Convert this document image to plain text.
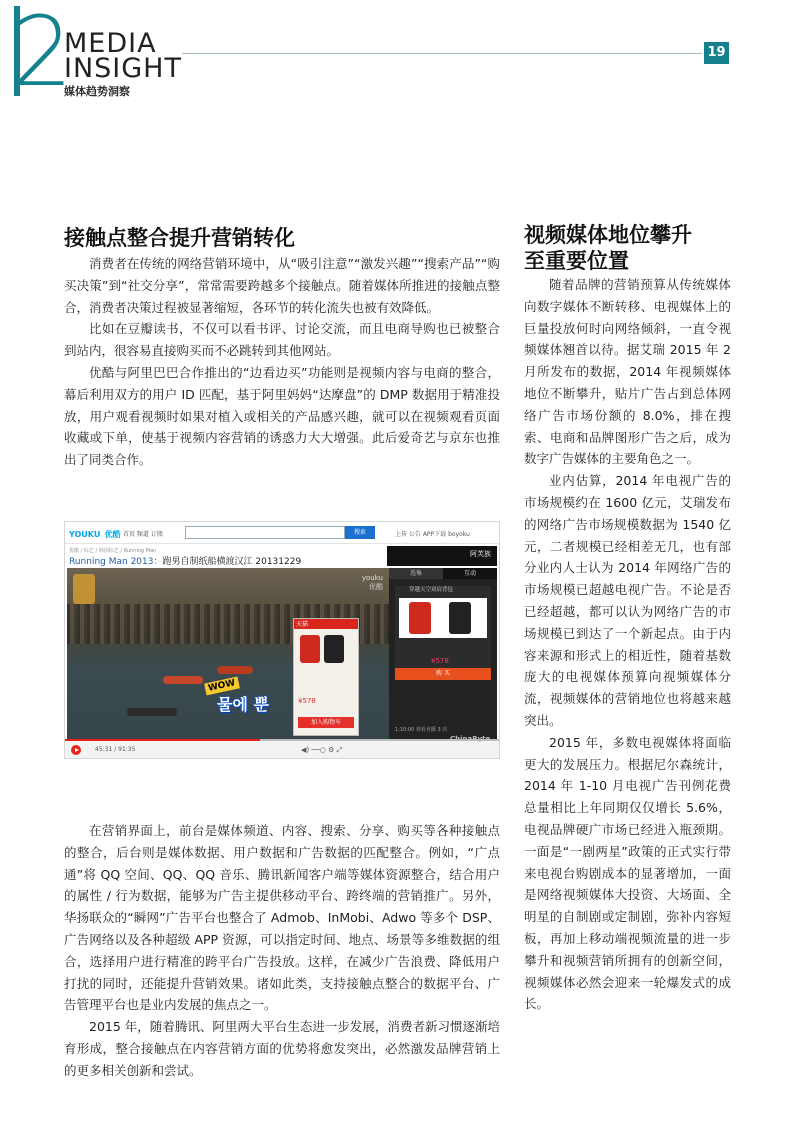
2
MEDIA
INSIGHT
媒体趋势洞察
19
接触点整合提升营销转化	视频媒体地位攀升
至重要位置

消费者在传统的网络营销环境中，从“吸引注意”“激发兴趣”“搜索产品”“购买决策”到“社交分享”，常常需要跨越多个接触点。随着媒体所推进的接触点整合，消费者决策过程被显著缩短，各环节的转化流失也被有效降低。

比如在豆瓣读书，不仅可以看书评、讨论交流，而且电商导购也已被整合到站内，很容易直接购买而不必跳转到其他网站。

优酷与阿里巴巴合作推出的“边看边买”功能则是视频内容与电商的整合，幕后利用双方的用户 ID 匹配，基于阿里妈妈“达摩盘”的 DMP 数据用于精准投放，用户观看视频时如果对植入或相关的产品感兴趣，就可以在视频观看页面收藏或下单，使基于视频内容营销的诱惑力大大增强。此后爱奇艺与京东也推出了同类合作。

YOUKU 优酷 首页 频道 订阅	搜索	上传 公告 APP下载 boyoku
优酷 / 综艺 / 韩国综艺 / Running Man
Running Man 2013：跑男自制纸船横渡汉江 20131229
阿芙族
youku
优酷
WOW
물에 뿐
天猫
¥578
加入购物车
选集	互动
穿越天空双肩背包
¥578
购 买
1:10:00 观看直播 3 次
45:31 / 91:35	◀) ──○ ⚙ ⤢
ChinaByte

在营销界面上，前台是媒体频道、内容、搜索、分享、购买等各种接触点的整合，后台则是媒体数据、用户数据和广告数据的匹配整合。例如，“广点通”将 QQ 空间、QQ、QQ 音乐、腾讯新闻客户端等媒体资源整合，结合用户的属性 / 行为数据，能够为广告主提供移动平台、跨终端的营销推广。另外，华扬联众的“瞬网”广告平台也整合了 Admob、InMobi、Adwo 等多个 DSP、广告网络以及各种超级 APP 资源，可以指定时间、地点、场景等多维数据的组合，选择用户进行精准的跨平台广告投放。这样，在减少广告浪费、降低用户打扰的同时，还能提升营销效果。诸如此类，支持接触点整合的数据平台、广告管理平台也是业内发展的焦点之一。

2015 年，随着腾讯、阿里两大平台生态进一步发展，消费者新习惯逐渐培育形成，整合接触点在内容营销方面的优势将愈发突出，必然激发品牌营销上的更多相关创新和尝试。

随着品牌的营销预算从传统媒体向数字媒体不断转移、电视媒体上的巨量投放何时向网络倾斜，一直令视频媒体翘首以待。据艾瑞 2015 年 2 月所发布的数据，2014 年视频媒体地位不断攀升，贴片广告占到总体网络广告市场份额的 8.0%，排在搜索、电商和品牌图形广告之后，成为数字广告媒体的主要角色之一。

业内估算，2014 年电视广告的市场规模约在 1600 亿元，艾瑞发布的网络广告市场规模数据为 1540 亿元，二者规模已经相差无几，也有部分业内人士认为 2014 年网络广告的市场规模已超越电视广告。不论是否已经超越，都可以认为网络广告的市场规模已到达了一个新起点。由于内容来源和形式上的相近性，随着基数庞大的电视媒体预算向视频媒体分流，视频媒体的营销地位也将越来越突出。

2015 年，多数电视媒体将面临更大的发展压力。根据尼尔森统计，2014 年 1-10 月电视广告刊例花费总量相比上年同期仅仅增长 5.6%，电视品牌硬广市场已经进入瓶颈期。一面是“一剧两星”政策的正式实行带来电视台购剧成本的显著增加，一面是网络视频媒体大投资、大场面、全明星的自制剧或定制剧，弥补内容短板，再加上移动端视频流量的进一步攀升和视频营销所拥有的创新空间，视频媒体必然会迎来一轮爆发式的成长。
